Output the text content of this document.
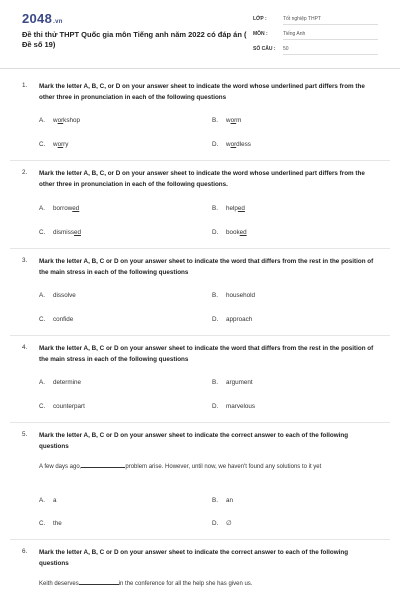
2048.vn
Đề thi thử THPT Quốc gia môn Tiếng anh năm 2022 có đáp án ( Đề số 19)
LỚP :	Tốt nghiệp THPT
MÔN :	Tiếng Anh
SỐ CÂU : 50
1. Mark the letter A, B, C, or D on your answer sheet to indicate the word whose underlined part differs from the other three in pronunciation in each of the following questions
A. workshop	B. worm
C. worry	D. wordless
2. Mark the letter A, B, C, or D on your answer sheet to indicate the word whose underlined part differs from the other three in pronunciation in each of the following questions.
A. borrowed	B. helped
C. dismissed	D. booked
3. Mark the letter A, B, C or D on your answer sheet to indicate the word that differs from the rest in the position of the main stress in each of the following questions
A. dissolve	B. household
C. confide	D. approach
4. Mark the letter A, B, C or D on your answer sheet to indicate the word that differs from the rest in the position of the main stress in each of the following questions
A. determine	B. argument
C. counterpart	D. marvelous
5. Mark the letter A, B, C or D on your answer sheet to indicate the correct answer to each of the following questions
A few days ago,	problem arise. However, until now, we haven't found any solutions to it yet
A. a	B. an
C. the	D. ∅
6. Mark the letter A, B, C or D on your answer sheet to indicate the correct answer to each of the following questions
Keith deserves	in the conference for all the help she has given us.
